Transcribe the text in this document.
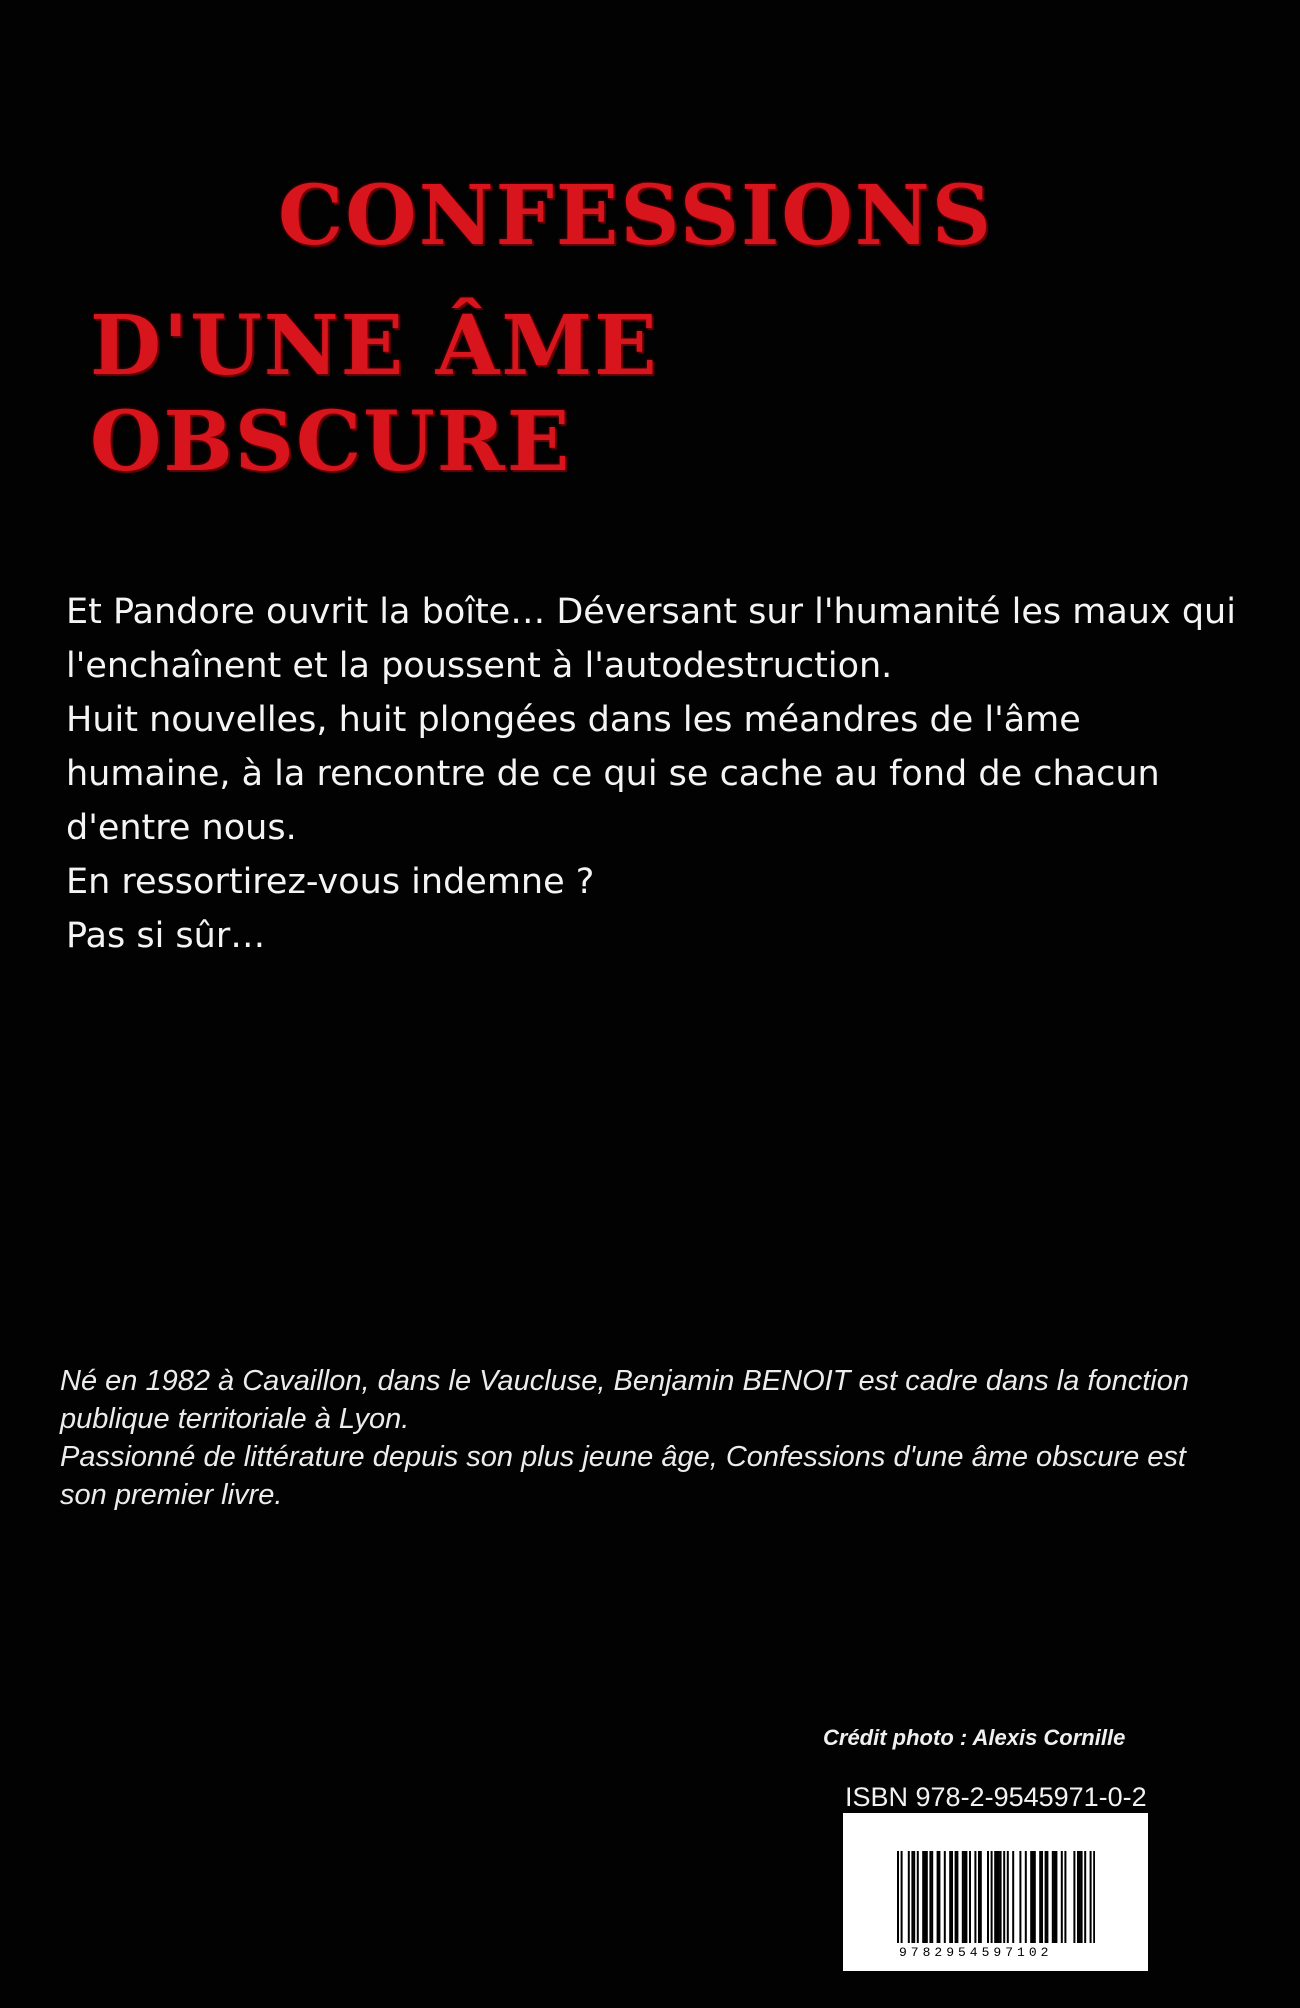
CONFESSIONS
D'UNE ÂME OBSCURE

Et Pandore ouvrit la boîte… Déversant sur l'humanité les maux qui l'enchaînent et la poussent à l'autodestruction.

Huit nouvelles, huit plongées dans les méandres de l'âme humaine, à la rencontre de ce qui se cache au fond de chacun d'entre nous.

En ressortirez-vous indemne ?

Pas si sûr…

Né en 1982 à Cavaillon, dans le Vaucluse, Benjamin BENOIT est cadre dans la fonction publique territoriale à Lyon.

Passionné de littérature depuis son plus jeune âge, Confessions d'une âme obscure est son premier livre.

Crédit photo : Alexis Cornille
ISBN 978-2-9545971-0-2
9782954597102
